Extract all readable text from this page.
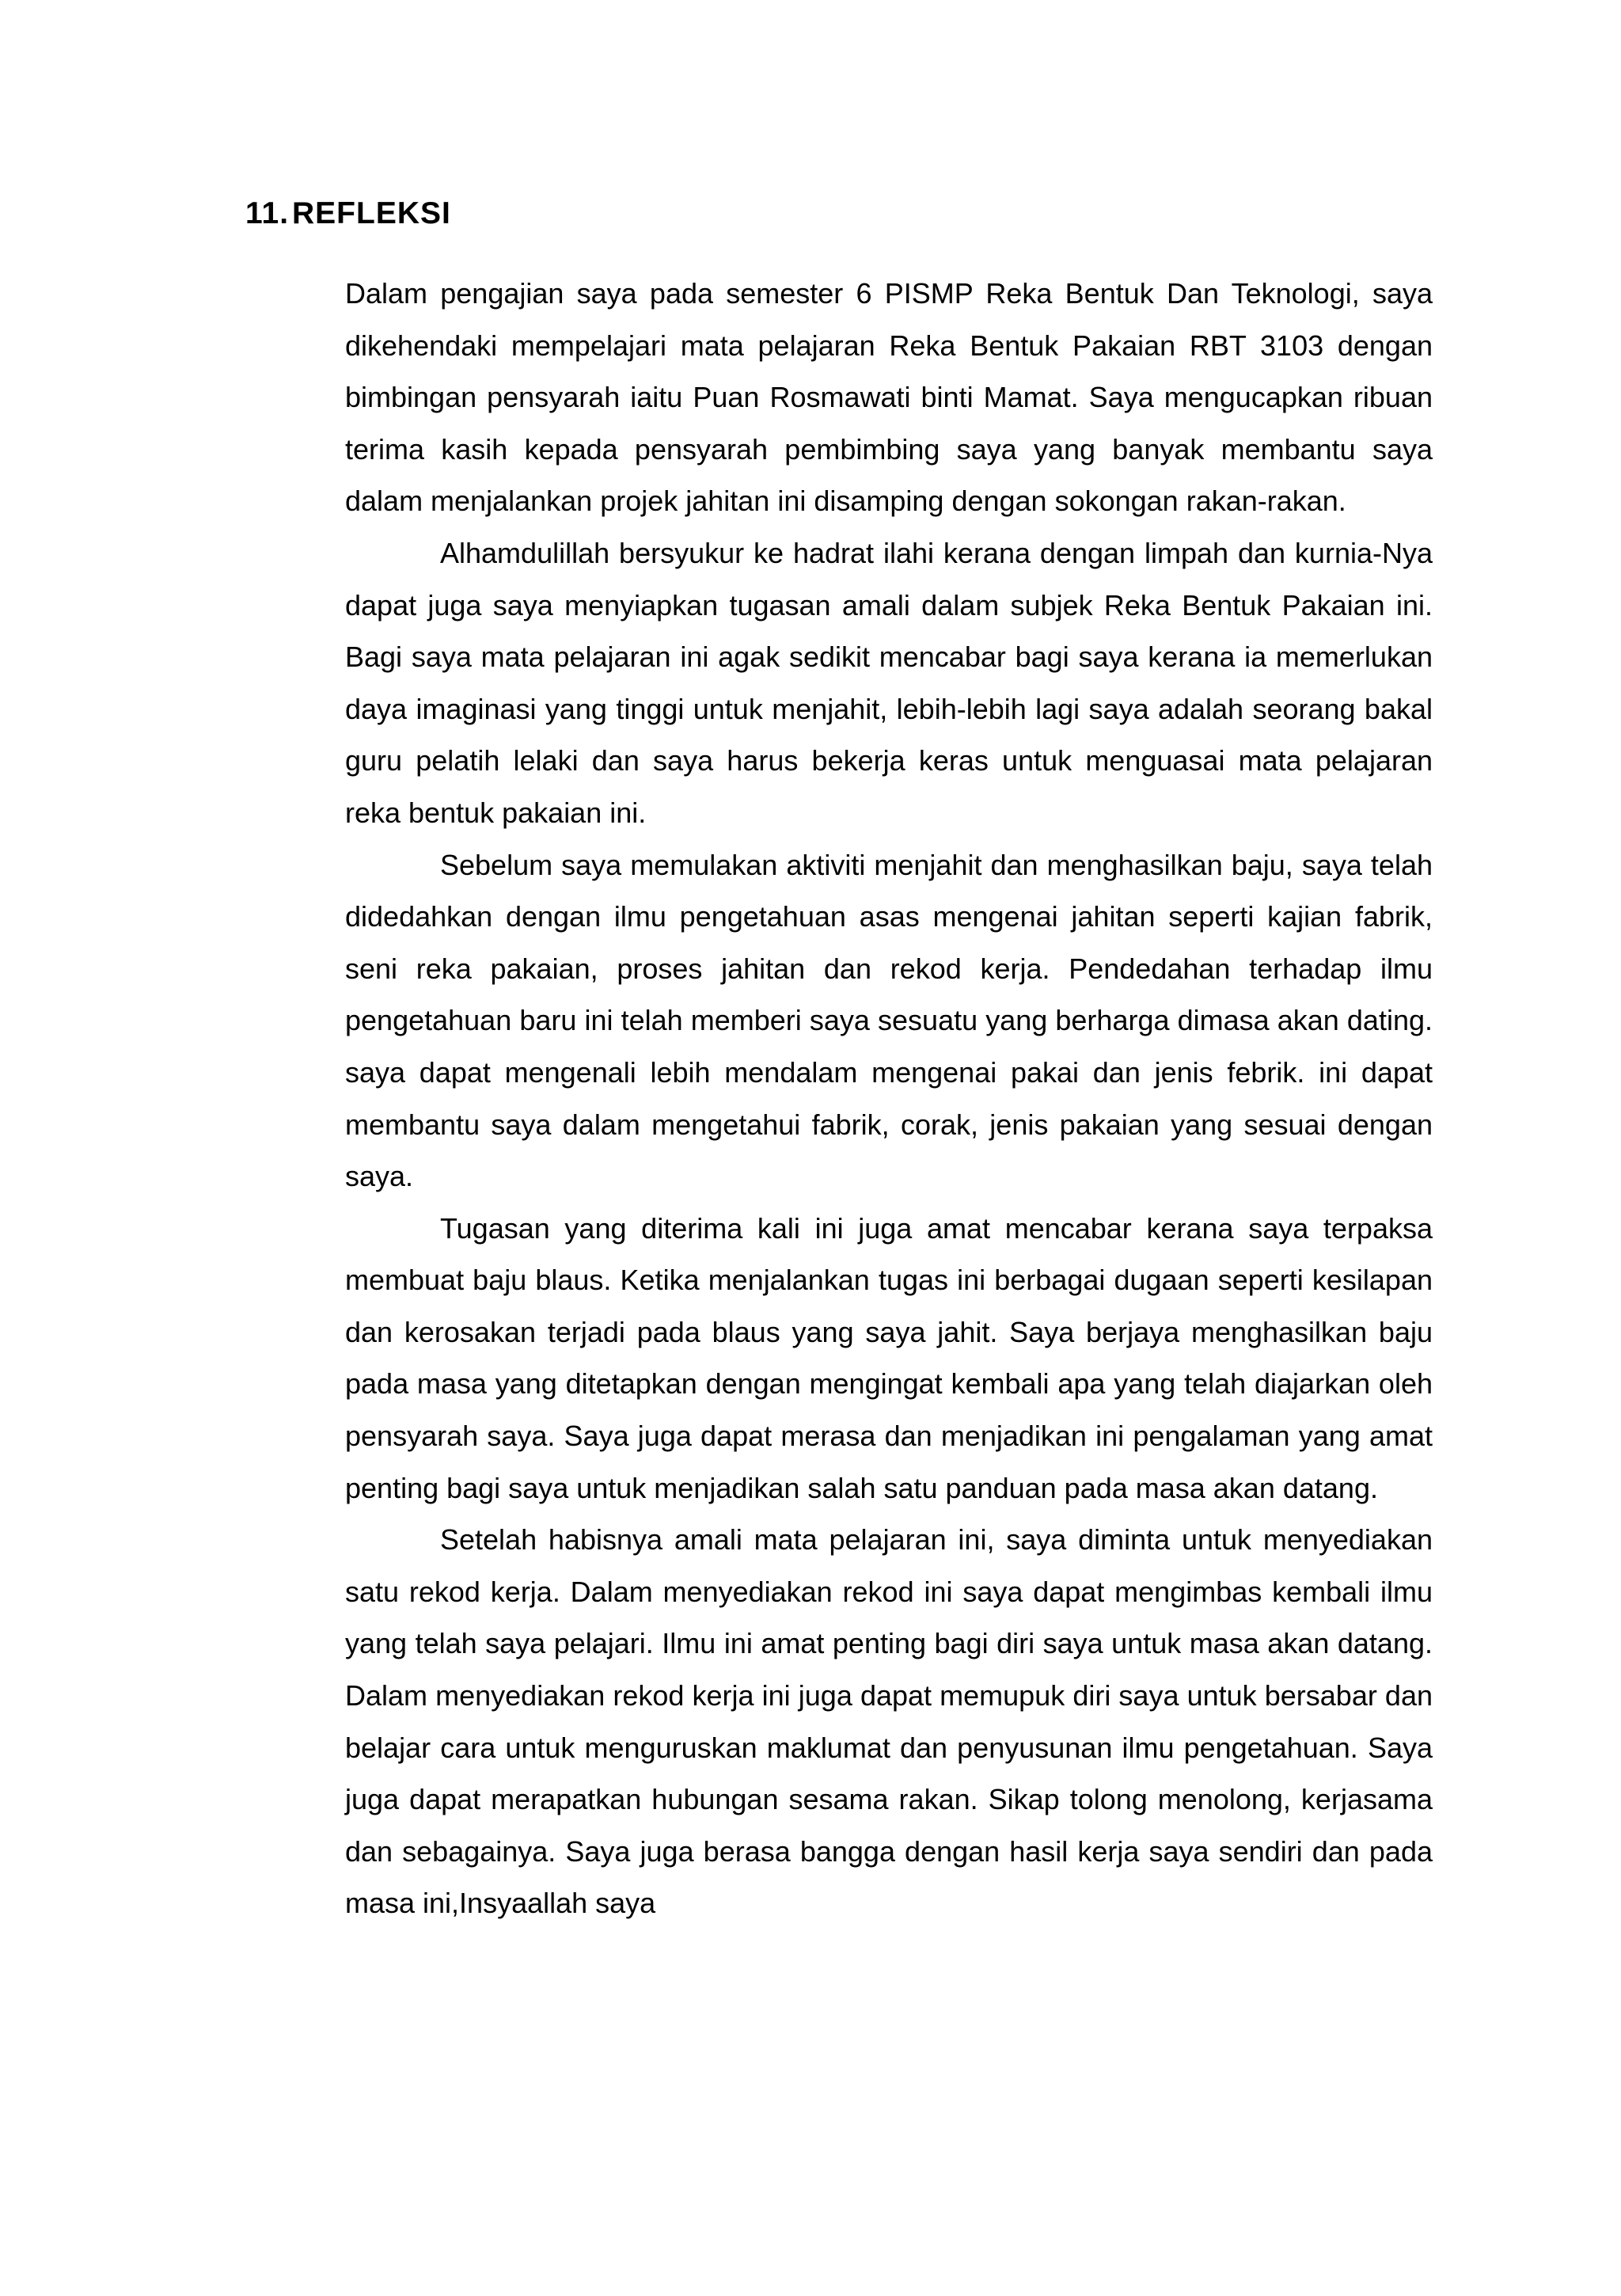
11. REFLEKSI

Dalam pengajian saya pada semester 6 PISMP Reka Bentuk Dan Teknologi, saya dikehendaki mempelajari mata pelajaran Reka Bentuk Pakaian RBT 3103 dengan bimbingan pensyarah iaitu Puan Rosmawati binti Mamat. Saya mengucapkan ribuan terima kasih kepada pensyarah pembimbing saya yang banyak membantu saya dalam menjalankan projek jahitan ini disamping dengan sokongan rakan-rakan.

Alhamdulillah bersyukur ke hadrat ilahi kerana dengan limpah dan kurnia-Nya dapat juga saya menyiapkan tugasan amali dalam subjek Reka Bentuk Pakaian ini. Bagi saya mata pelajaran ini agak sedikit mencabar bagi saya kerana ia memerlukan daya imaginasi yang tinggi untuk menjahit, lebih-lebih lagi saya adalah seorang bakal guru pelatih lelaki dan saya harus bekerja keras untuk menguasai mata pelajaran reka bentuk pakaian ini.

Sebelum saya memulakan aktiviti menjahit dan menghasilkan baju, saya telah didedahkan dengan ilmu pengetahuan asas mengenai jahitan seperti kajian fabrik, seni reka pakaian, proses jahitan dan rekod kerja. Pendedahan terhadap ilmu pengetahuan baru ini telah memberi saya sesuatu yang berharga dimasa akan dating. saya dapat mengenali lebih mendalam mengenai pakai dan jenis febrik. ini dapat membantu saya dalam mengetahui fabrik, corak, jenis pakaian yang sesuai dengan saya.

Tugasan yang diterima kali ini juga amat mencabar kerana saya terpaksa membuat baju blaus. Ketika menjalankan tugas ini berbagai dugaan seperti kesilapan dan kerosakan terjadi pada blaus yang saya jahit. Saya berjaya menghasilkan baju pada masa yang ditetapkan dengan mengingat kembali apa yang telah diajarkan oleh pensyarah saya. Saya juga dapat merasa dan menjadikan ini pengalaman yang amat penting bagi saya untuk menjadikan salah satu panduan pada masa akan datang.

Setelah habisnya amali mata pelajaran ini, saya diminta untuk menyediakan satu rekod kerja. Dalam menyediakan rekod ini saya dapat mengimbas kembali ilmu yang telah saya pelajari. Ilmu ini amat penting bagi diri saya untuk masa akan datang. Dalam menyediakan rekod kerja ini juga dapat memupuk diri saya untuk bersabar dan belajar cara untuk menguruskan maklumat dan penyusunan ilmu pengetahuan. Saya juga dapat merapatkan hubungan sesama rakan. Sikap tolong menolong, kerjasama dan sebagainya. Saya juga berasa bangga dengan hasil kerja saya sendiri dan pada masa ini,Insyaallah saya
